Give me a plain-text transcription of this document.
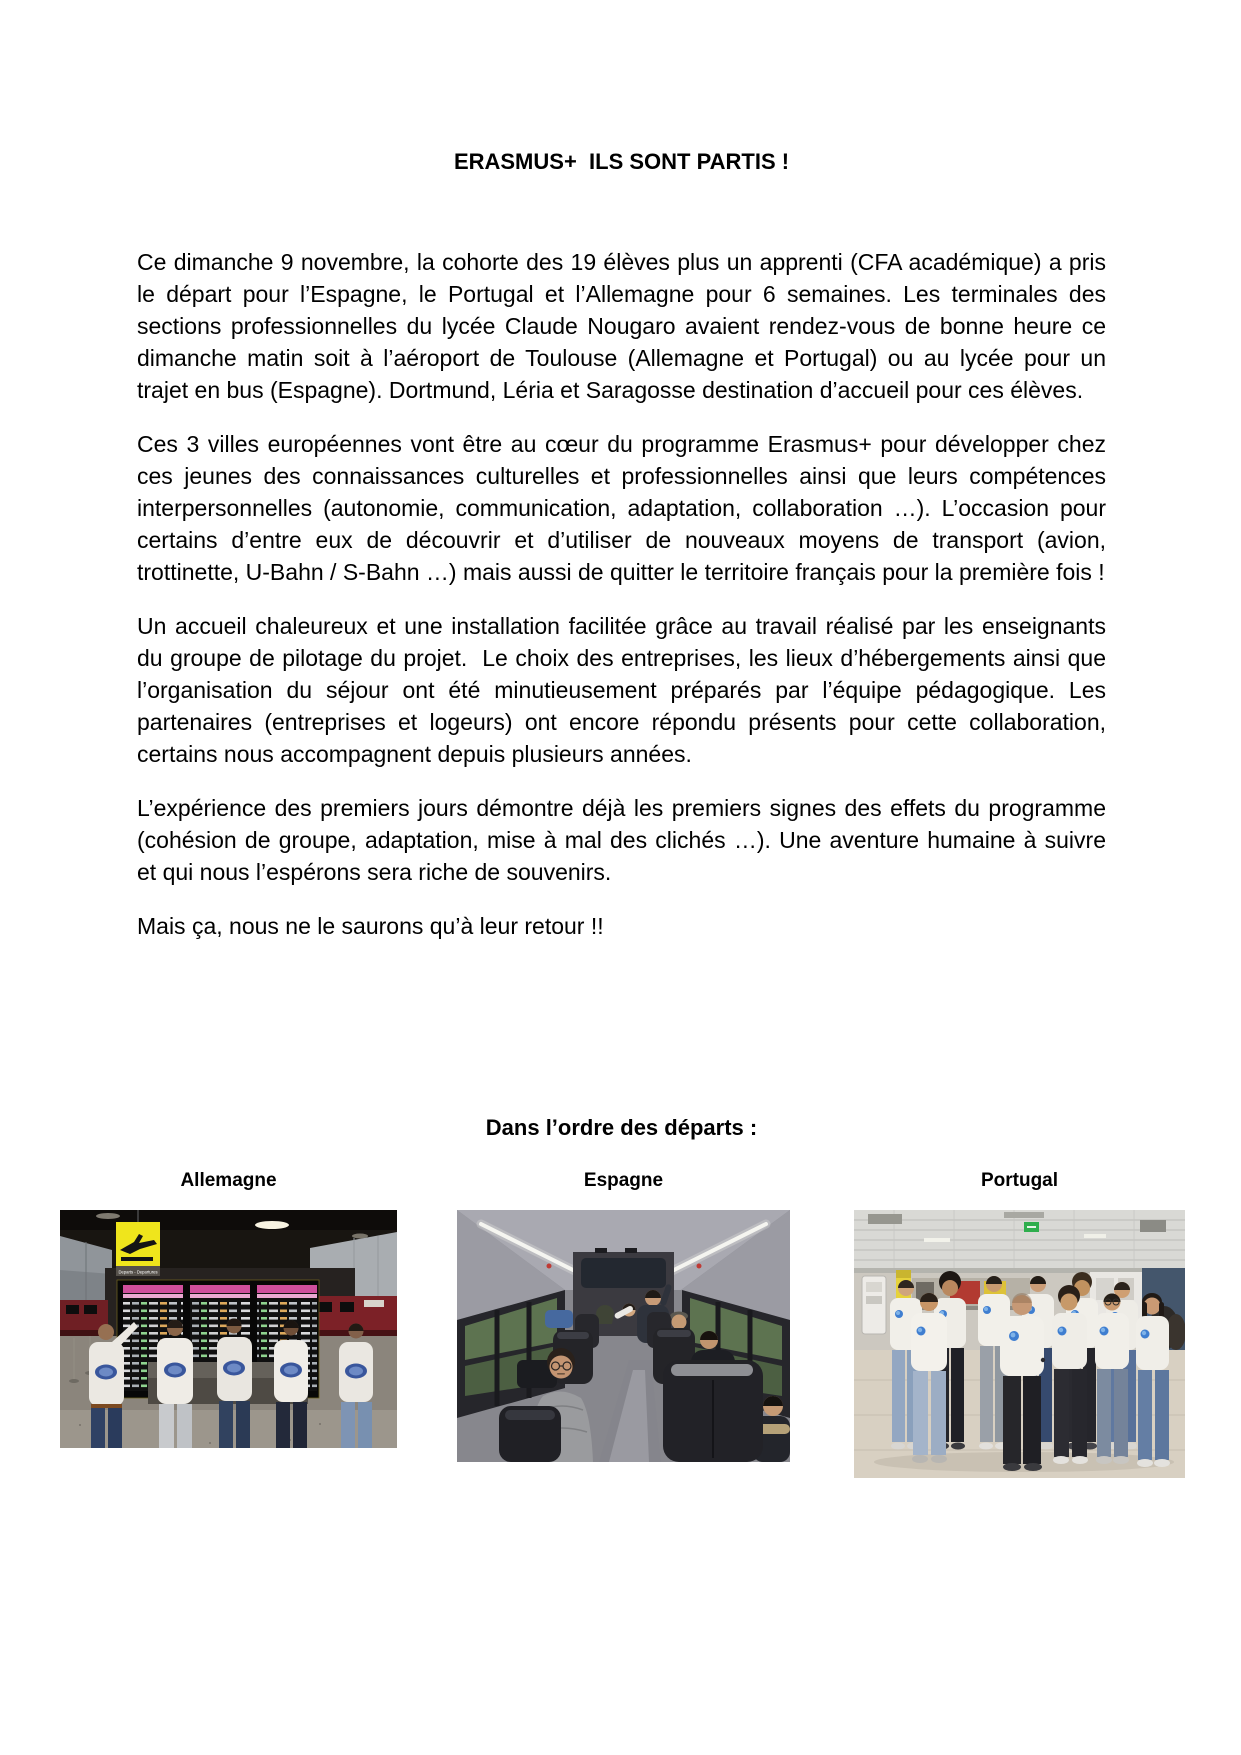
ERASMUS+  ILS SONT PARTIS !

Ce dimanche 9 novembre, la cohorte des 19 élèves plus un apprenti (CFA académique) a pris le départ pour l’Espagne, le Portugal et l’Allemagne pour 6 semaines. Les terminales des sections professionnelles du lycée Claude Nougaro avaient rendez-vous de bonne heure ce dimanche matin soit à l’aéroport de Toulouse (Allemagne et Portugal) ou au lycée pour un trajet en bus (Espagne). Dortmund, Léria et Saragosse destination d’accueil pour ces élèves.

Ces 3 villes européennes vont être au cœur du programme Erasmus+ pour développer chez ces jeunes des connaissances culturelles et professionnelles ainsi que leurs compétences interpersonnelles (autonomie, communication, adaptation, collaboration …). L’occasion pour certains d’entre eux de découvrir et d’utiliser de nouveaux moyens de transport (avion, trottinette, U-Bahn / S-Bahn …) mais aussi de quitter le territoire français pour la première fois !

Un accueil chaleureux et une installation facilitée grâce au travail réalisé par les enseignants du groupe de pilotage du projet.  Le choix des entreprises, les lieux d’hébergements ainsi que l’organisation du séjour ont été minutieusement préparés par l’équipe pédagogique. Les partenaires (entreprises et logeurs) ont encore répondu présents pour cette collaboration, certains nous accompagnent depuis plusieurs années.

L’expérience des premiers jours démontre déjà les premiers signes des effets du programme (cohésion de groupe, adaptation, mise à mal des clichés …). Une aventure humaine à suivre et qui nous l’espérons sera riche de souvenirs.

Mais ça, nous ne le saurons qu’à leur retour !!

Dans l’ordre des départs :
Allemagne
Departs - Departures
Espagne	Portugal
